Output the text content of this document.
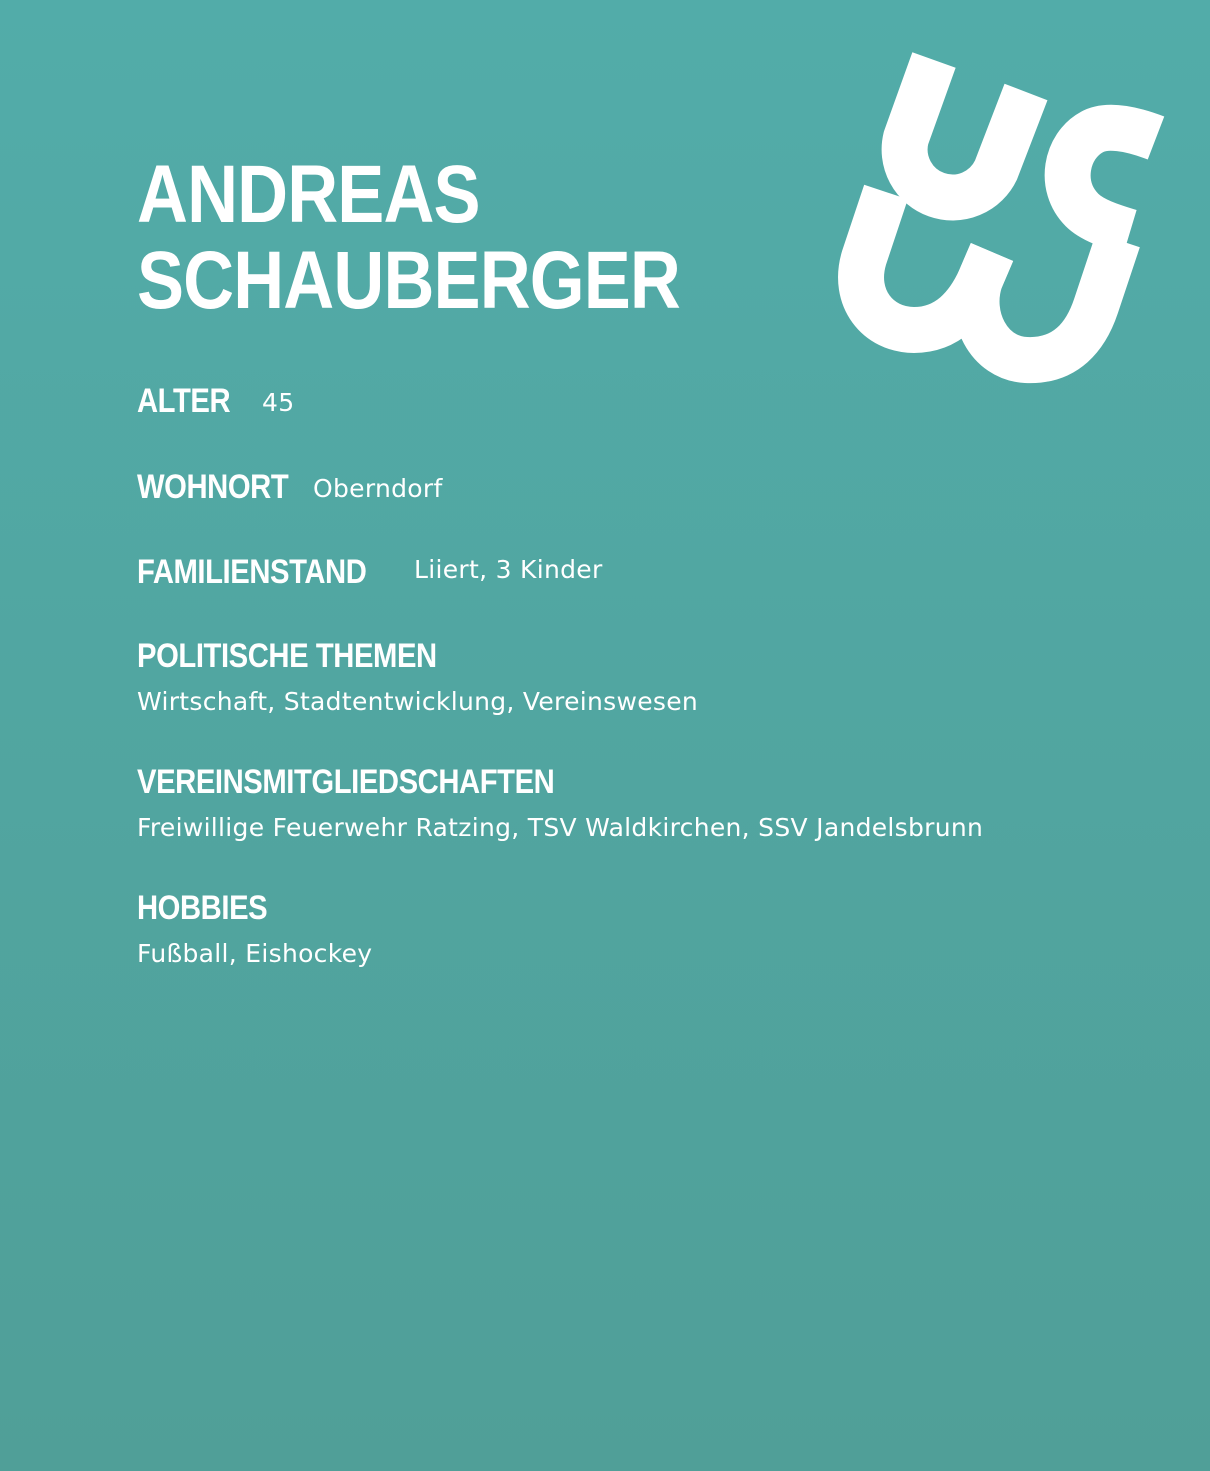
ANDREAS
SCHAUBERGER
ALTER 45
WOHNORT Oberndorf
FAMILIENSTAND Liiert, 3 Kinder
POLITISCHE THEMEN
Wirtschaft, Stadtentwicklung, Vereinswesen
VEREINSMITGLIEDSCHAFTEN
Freiwillige Feuerwehr Ratzing, TSV Waldkirchen, SSV Jandelsbrunn
HOBBIES
Fußball, Eishockey
